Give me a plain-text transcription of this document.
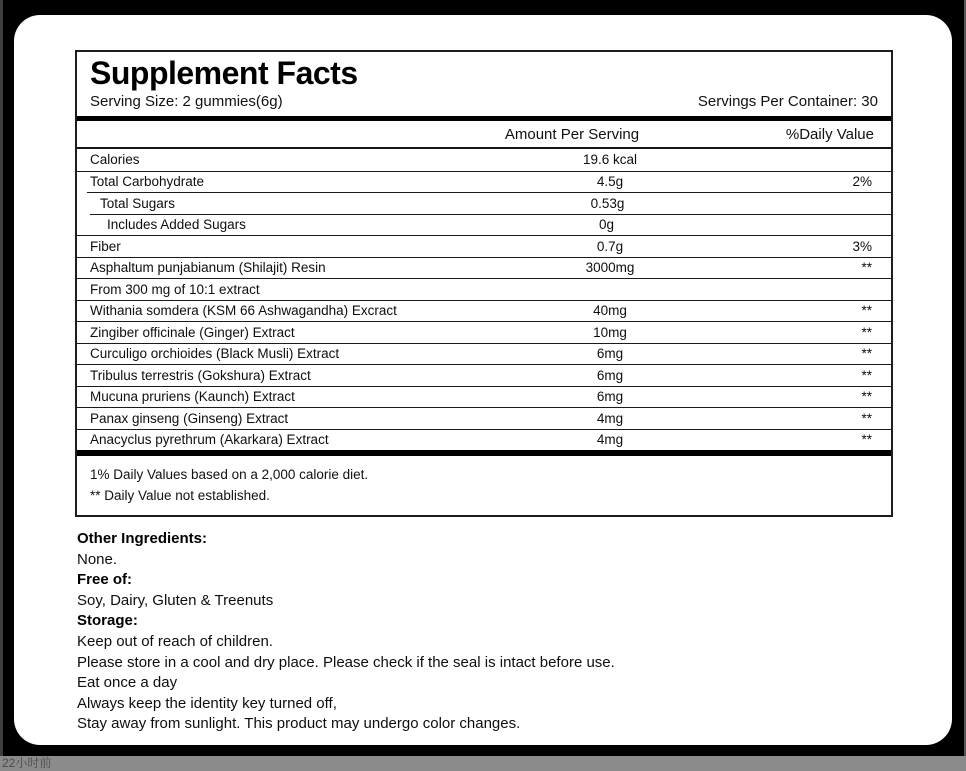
Supplement Facts
Serving Size: 2 gummies(6g)	Servings Per Container: 30
Amount Per Serving	%Daily Value
Calories	19.6 kcal
Total Carbohydrate	4.5g	2%
Total Sugars	0.53g
Includes Added Sugars	0g
Fiber	0.7g	3%
Asphaltum punjabianum (Shilajit) Resin	3000mg	**
From 300 mg of 10:1 extract
Withania somdera (KSM 66 Ashwagandha) Excract	40mg	**
Zingiber officinale (Ginger) Extract	10mg	**
Curculigo orchioides (Black Musli) Extract	6mg	**
Tribulus terrestris (Gokshura) Extract	6mg	**
Mucuna pruriens (Kaunch) Extract	6mg	**
Panax ginseng (Ginseng) Extract	4mg	**
Anacyclus pyrethrum (Akarkara) Extract	4mg	**
1% Daily Values based on a 2,000 calorie diet.
** Daily Value not established.
Other Ingredients:
None.
Free of:
Soy, Dairy, Gluten & Treenuts
Storage:
Keep out of reach of children.
Please store in a cool and dry place. Please check if the seal is intact before use.
Eat once a day
Always keep the identity key turned off,
Stay away from sunlight. This product may undergo color changes.
22小时前
